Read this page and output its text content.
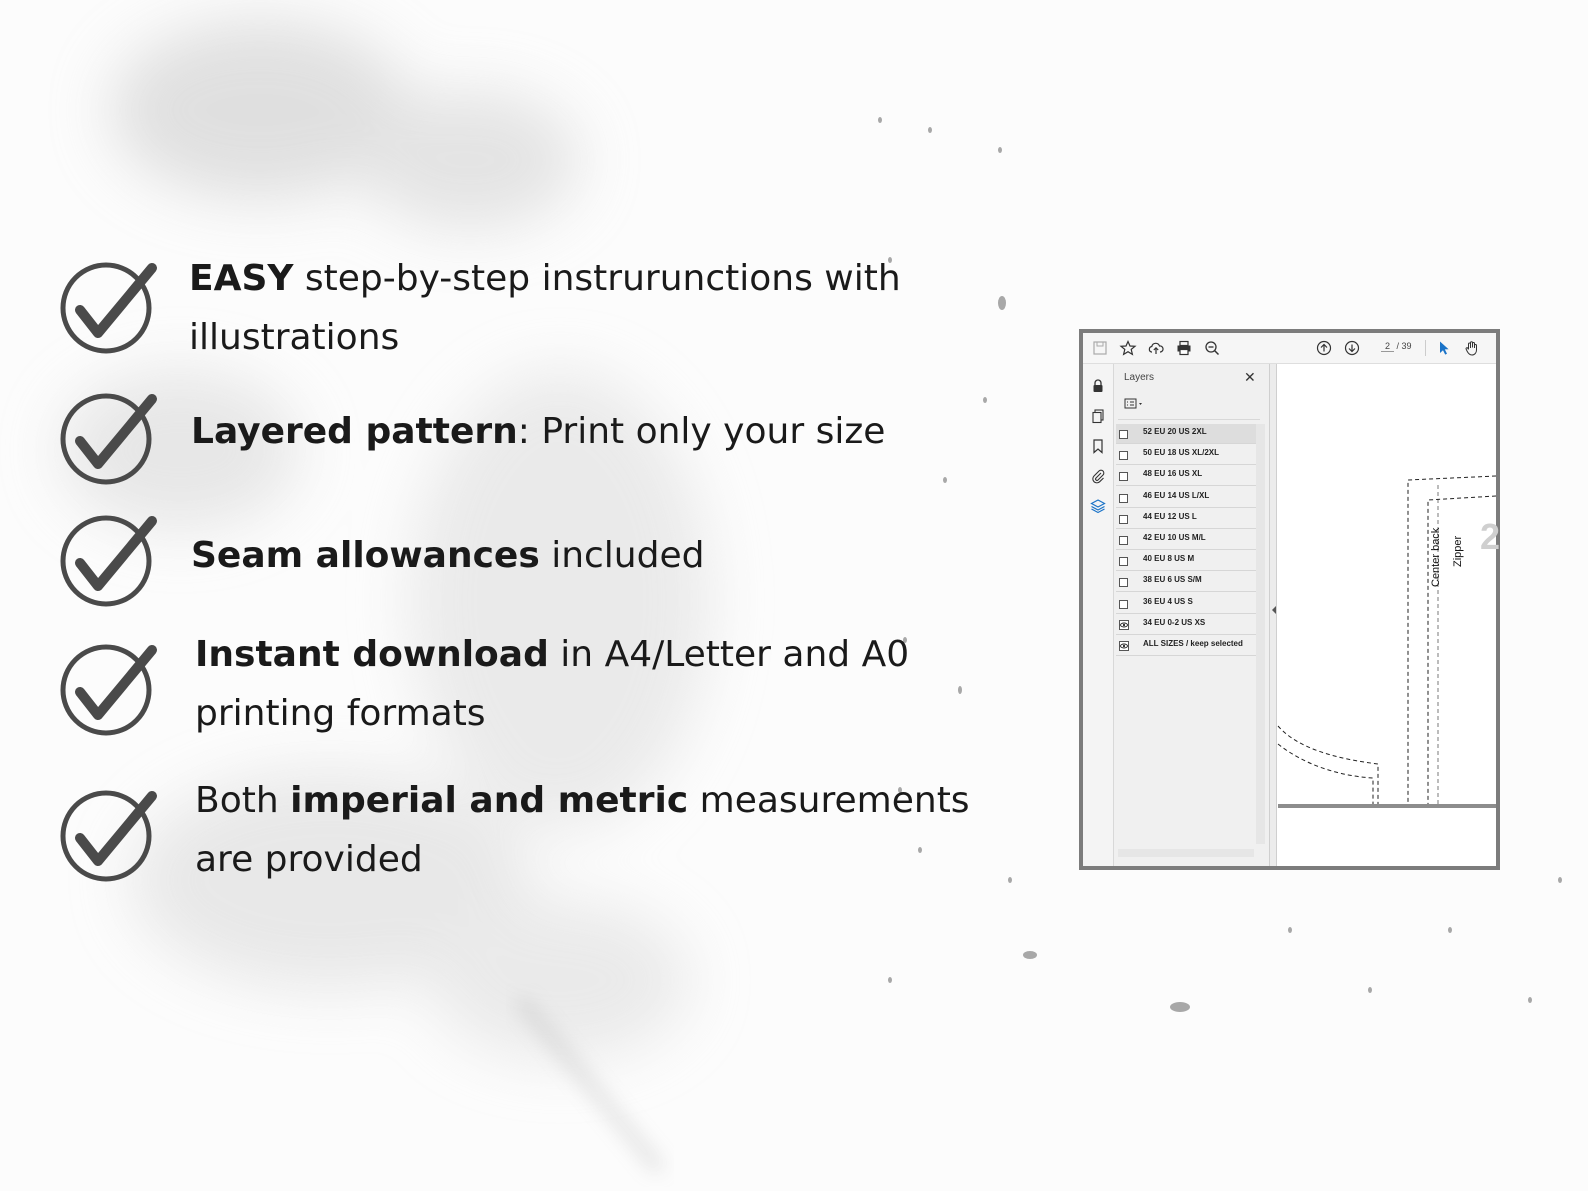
EASY step-by-step instrurunctions with
illustrations
Layered pattern: Print only your size
Seam allowances included
Instant download in A4/Letter and A0
printing formats
Both imperial and metric measurements
are provided
2 / 39
Layers	✕
52 EU 20 US 2XL
50 EU 18 US XL/2XL
48 EU 16 US XL
46 EU 14 US L/XL
44 EU 12 US L
42 EU 10 US M/L
40 EU 8 US M
38 EU 6 US S/M
36 EU 4 US S
34 EU 0-2 US XS
ALL SIZES / keep selected
2
Center back Zipper
